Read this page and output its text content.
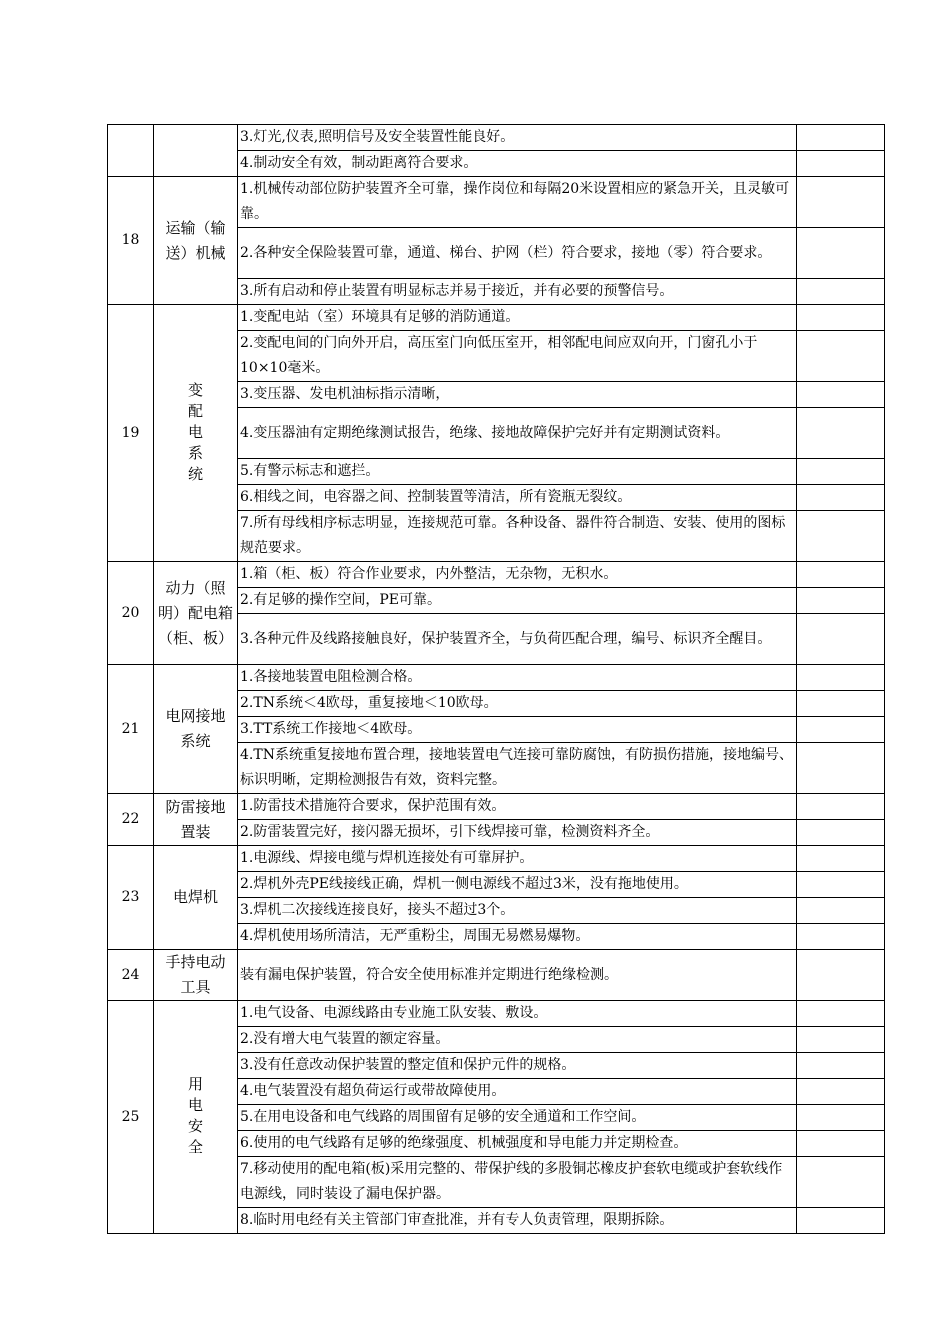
		3.灯光,仪表,照明信号及安全装置性能良好。	

		4.制动安全有效，制动距离符合要求。	

18	运输（输送）机械	1.机械传动部位防护装置齐全可靠，操作岗位和每隔20米设置相应的紧急开关，且灵敏可靠。	

		2.各种安全保险装置可靠，通道、梯台、护网（栏）符合要求，接地（零）符合要求。	

		3.所有启动和停止装置有明显标志并易于接近，并有必要的预警信号。	

19	变配电系统	1.变配电站（室）环境具有足够的消防通道。	

		2.变配电间的门向外开启，高压室门向低压室开，相邻配电间应双向开，门窗孔小于10×10毫米。	

		3.变压器、发电机油标指示清晰，	

		4.变压器油有定期绝缘测试报告，绝缘、接地故障保护完好并有定期测试资料。	

		5.有警示标志和遮拦。	

		6.相线之间，电容器之间、控制装置等清洁，所有瓷瓶无裂纹。	

		7.所有母线相序标志明显，连接规范可靠。各种设备、器件符合制造、安装、使用的图标规范要求。	

20	动力（照明）配电箱（柜、板）	1.箱（柜、板）符合作业要求，内外整洁，无杂物，无积水。	

		2.有足够的操作空间，PE可靠。	

		3.各种元件及线路接触良好，保护装置齐全，与负荷匹配合理，编号、标识齐全醒目。	

21	电网接地系统	1.各接地装置电阻检测合格。	

		2.TN系统＜4欧母，重复接地＜10欧母。	

		3.TT系统工作接地＜4欧母。	

		4.TN系统重复接地布置合理，接地装置电气连接可靠防腐蚀，有防损伤措施，接地编号、标识明晰，定期检测报告有效，资料完整。	

22	防雷接地置装	1.防雷技术措施符合要求，保护范围有效。	

		2.防雷装置完好，接闪器无损坏，引下线焊接可靠，检测资料齐全。	

23	电焊机	1.电源线、焊接电缆与焊机连接处有可靠屏护。	

		2.焊机外壳PE线接线正确，焊机一侧电源线不超过3米，没有拖地使用。	

		3.焊机二次接线连接良好，接头不超过3个。	

		4.焊机使用场所清洁，无严重粉尘，周围无易燃易爆物。	

24	手持电动工具	装有漏电保护装置，符合安全使用标准并定期进行绝缘检测。	

25	用电安全	1.电气设备、电源线路由专业施工队安装、敷设。	

		2.没有增大电气装置的额定容量。	

		3.没有任意改动保护装置的整定值和保护元件的规格。	

		4.电气装置没有超负荷运行或带故障使用。	

		5.在用电设备和电气线路的周围留有足够的安全通道和工作空间。	

		6.使用的电气线路有足够的绝缘强度、机械强度和导电能力并定期检查。	

		7.移动使用的配电箱(板)采用完整的、带保护线的多股铜芯橡皮护套软电缆或护套软线作电源线，同时装设了漏电保护器。	

		8.临时用电经有关主管部门审查批准，并有专人负责管理，限期拆除。	
